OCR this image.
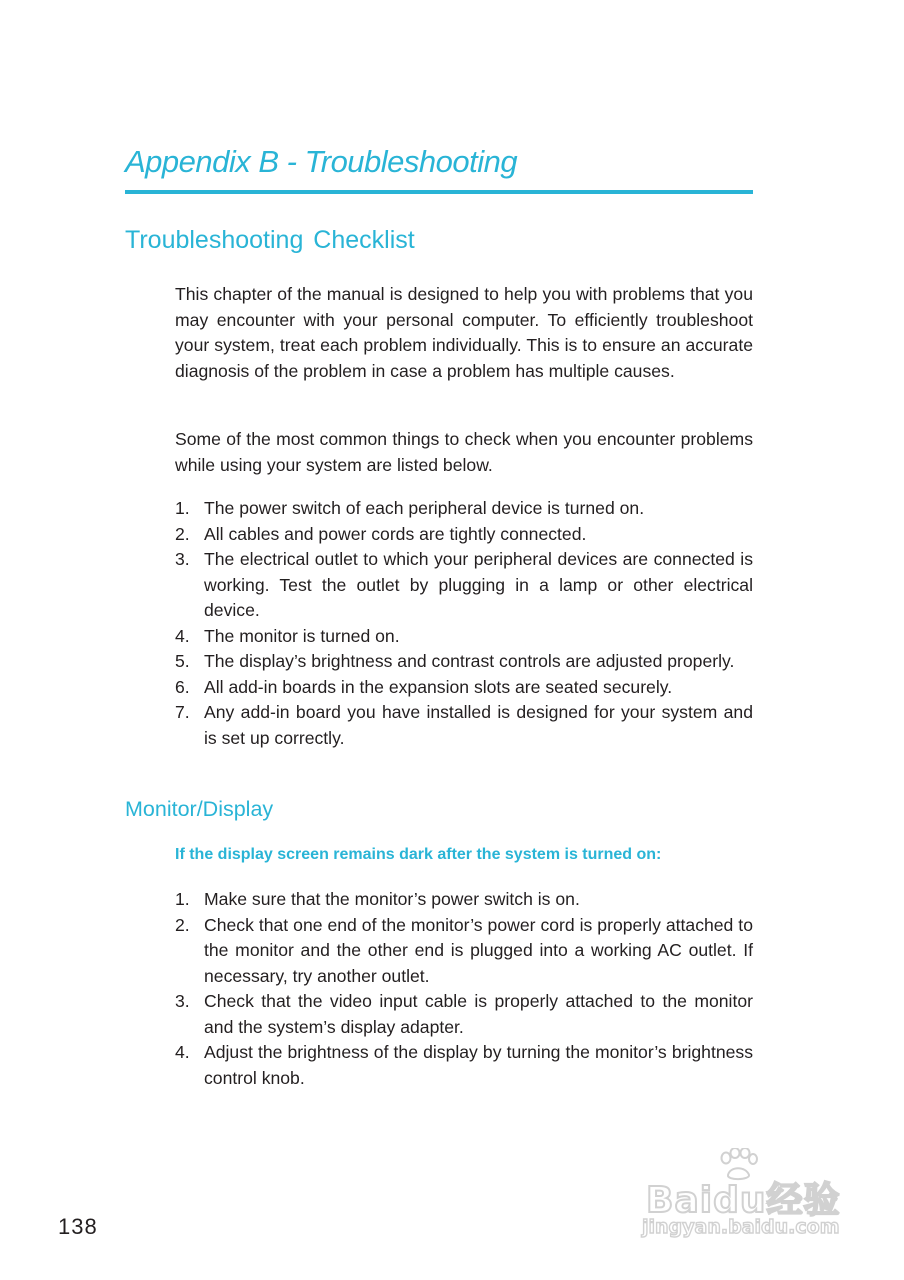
Appendix B - Troubleshooting
Troubleshooting Checklist

This chapter of the manual is designed to help you with problems that you may encounter with your personal computer. To efficiently troubleshoot your system, treat each problem individually. This is to ensure an accurate diagnosis of the problem in case a problem has multiple causes.

Some of the most common things to check when you encounter problems while using your system are listed below.

1. The power switch of each peripheral device is turned on.
2. All cables and power cords are tightly connected.
3. The electrical outlet to which your peripheral devices are connected is working. Test the outlet by plugging in a lamp or other electrical device.
4. The monitor is turned on.
5. The display’s brightness and contrast controls are adjusted properly.
6. All add-in boards in the expansion slots are seated securely.
7. Any add-in board you have installed is designed for your system and is set up correctly.
Monitor/Display

If the display screen remains dark after the system is turned on:

1. Make sure that the monitor’s power switch is on.
2. Check that one end of the monitor’s power cord is properly attached to the monitor and the other end is plugged into a working AC outlet. If necessary, try another outlet.
3. Check that the video input cable is properly attached to the monitor and the system’s display adapter.
4. Adjust the brightness of the display by turning the monitor’s brightness control knob.
138
Baidu经验
jingyan.baidu.com
